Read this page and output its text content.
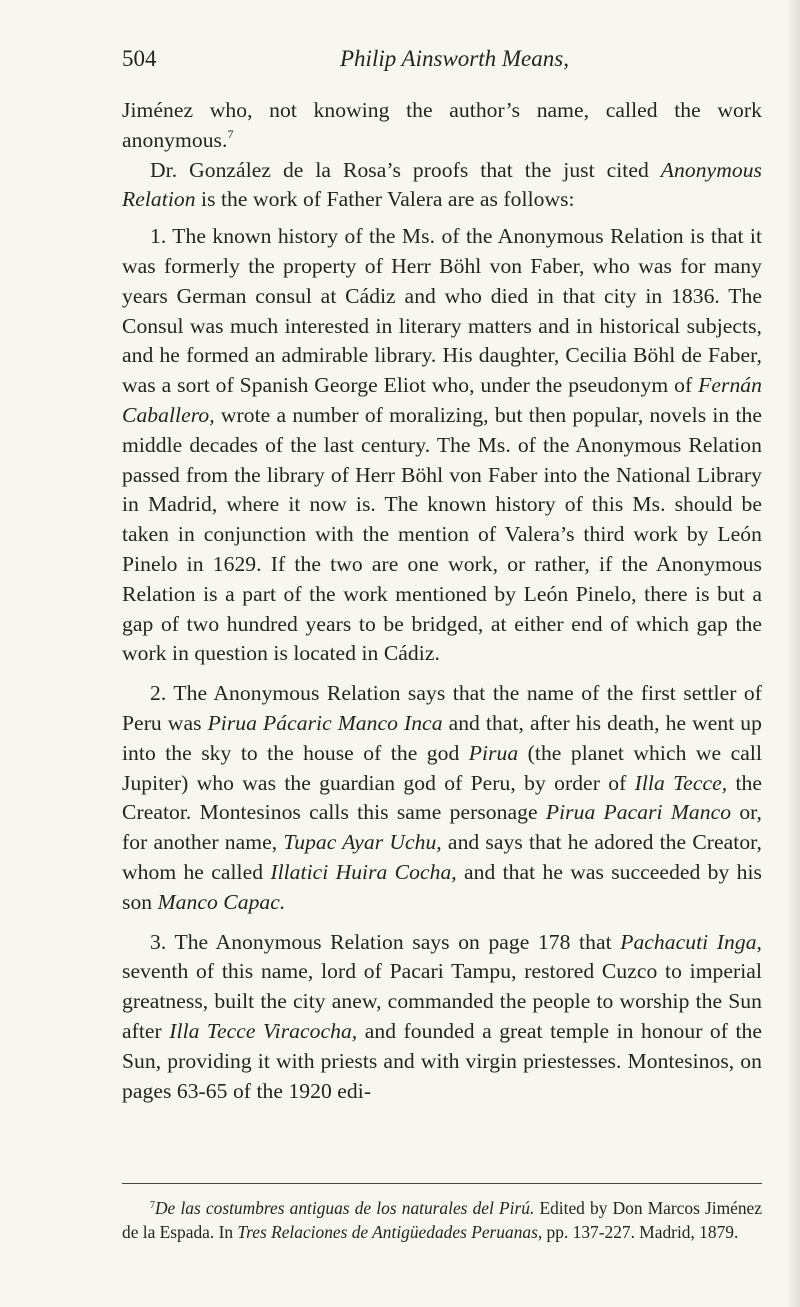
504	Philip Ainsworth Means,

Jiménez who, not knowing the author’s name, called the work anonymous.$^7$

Dr. González de la Rosa’s proofs that the just cited Anonymous Relation is the work of Father Valera are as follows:

1. The known history of the Ms. of the Anonymous Relation is that it was formerly the property of Herr Böhl von Faber, who was for many years German consul at Cádiz and who died in that city in 1836. The Consul was much interested in literary matters and in historical subjects, and he formed an admirable library. His daughter, Cecilia Böhl de Faber, was a sort of Spanish George Eliot who, under the pseudonym of Fernán Caballero, wrote a number of moralizing, but then popular, novels in the middle decades of the last century. The Ms. of the Anonymous Relation passed from the library of Herr Böhl von Faber into the National Library in Madrid, where it now is. The known history of this Ms. should be taken in conjunction with the mention of Valera’s third work by León Pinelo in 1629. If the two are one work, or rather, if the Anonymous Relation is a part of the work mentioned by León Pinelo, there is but a gap of two hundred years to be bridged, at either end of which gap the work in question is located in Cádiz.

2. The Anonymous Relation says that the name of the first settler of Peru was Pirua Pácaric Manco Inca and that, after his death, he went up into the sky to the house of the god Pirua (the planet which we call Jupiter) who was the guardian god of Peru, by order of Illa Tecce, the Creator. Montesinos calls this same personage Pirua Pacari Manco or, for another name, Tupac Ayar Uchu, and says that he adored the Creator, whom he called Illatici Huira Cocha, and that he was succeeded by his son Manco Capac.

3. The Anonymous Relation says on page 178 that Pachacuti Inga, seventh of this name, lord of Pacari Tampu, restored Cuzco to imperial greatness, built the city anew, commanded the people to worship the Sun after Illa Tecce Viracocha, and founded a great temple in honour of the Sun, providing it with priests and with virgin priestesses. Montesinos, on pages 63-65 of the 1920 edi-

$^7$De las costumbres antiguas de los naturales del Pirú. Edited by Don Marcos Jiménez de la Espada. In Tres Relaciones de Antigüedades Peruanas, pp. 137-227. Madrid, 1879.
